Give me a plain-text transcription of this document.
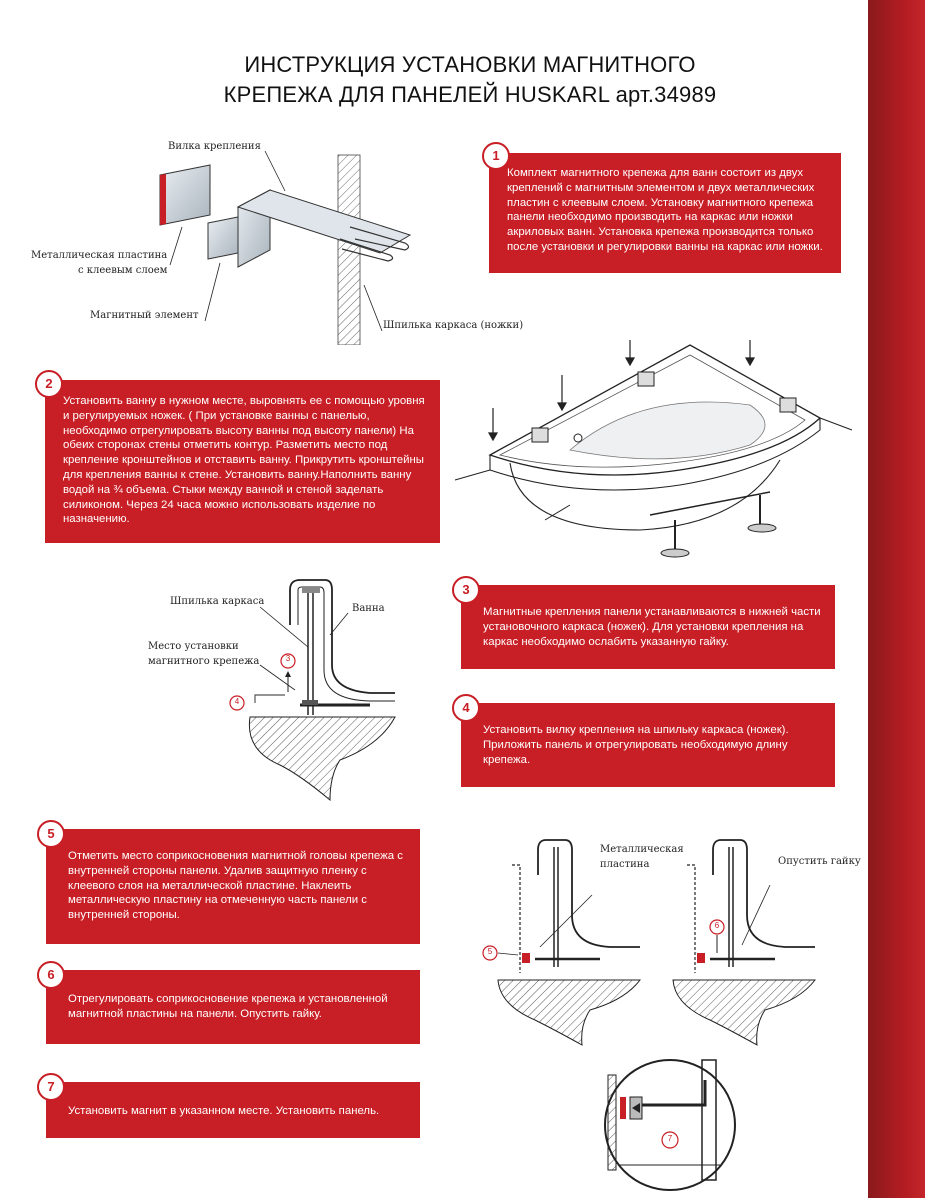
ИНСТРУКЦИЯ УСТАНОВКИ МАГНИТНОГО
КРЕПЕЖА ДЛЯ ПАНЕЛЕЙ HUSKARL арт.34989
Комплект магнитного крепежа для ванн состоит из двух креплений с магнитным элементом и двух металлических пластин с клеевым слоем. Установку магнитного крепежа панели необходимо производить на каркас или ножки акриловых ванн. Установка крепежа производится только после установки и регулировки ванны на каркас или ножки.
1
Установить ванну в нужном месте, выровнять ее с помощью уровня и регулируемых ножек. ( При установке ванны с панелью, необходимо отрегулировать высоту ванны под высоту панели) На обеих сторонах стены отметить контур. Разметить место под крепление кронштейнов и отставить ванну. Прикрутить кронштейны для крепления ванны к стене. Установить ванну.Наполнить ванну водой на ¾ объема. Стыки между ванной и стеной заделать силиконом. Через 24 часа можно использовать изделие по назначению.
2
Магнитные крепления панели устанавливаются в нижней части установочного каркаса (ножек). Для установки крепления на каркас необходимо ослабить указанную гайку.
3
Установить вилку крепления на шпильку каркаса (ножек). Приложить панель и отрегулировать необходимую длину крепежа.
4
Отметить место соприкосновения магнитной головы крепежа с внутренней стороны панели. Удалив защитную пленку с клеевого слоя на металлической пластине. Наклеить металлическую пластину на отмеченную часть панели с внутренней стороны.
5
Отрегулировать соприкосновение крепежа и установленной магнитной пластины на панели. Опустить гайку.
6
Установить магнит в указанном месте. Установить панель.
7
Вилка крепления
Металлическая пластина
с клеевым слоем
Магнитный элемент
Шпилька каркаса (ножки)
Шпилька каркаса
Ванна
Место установки
магнитного крепежа	3
4
Металлическая
пластина	Опустить гайку
5
6
7
